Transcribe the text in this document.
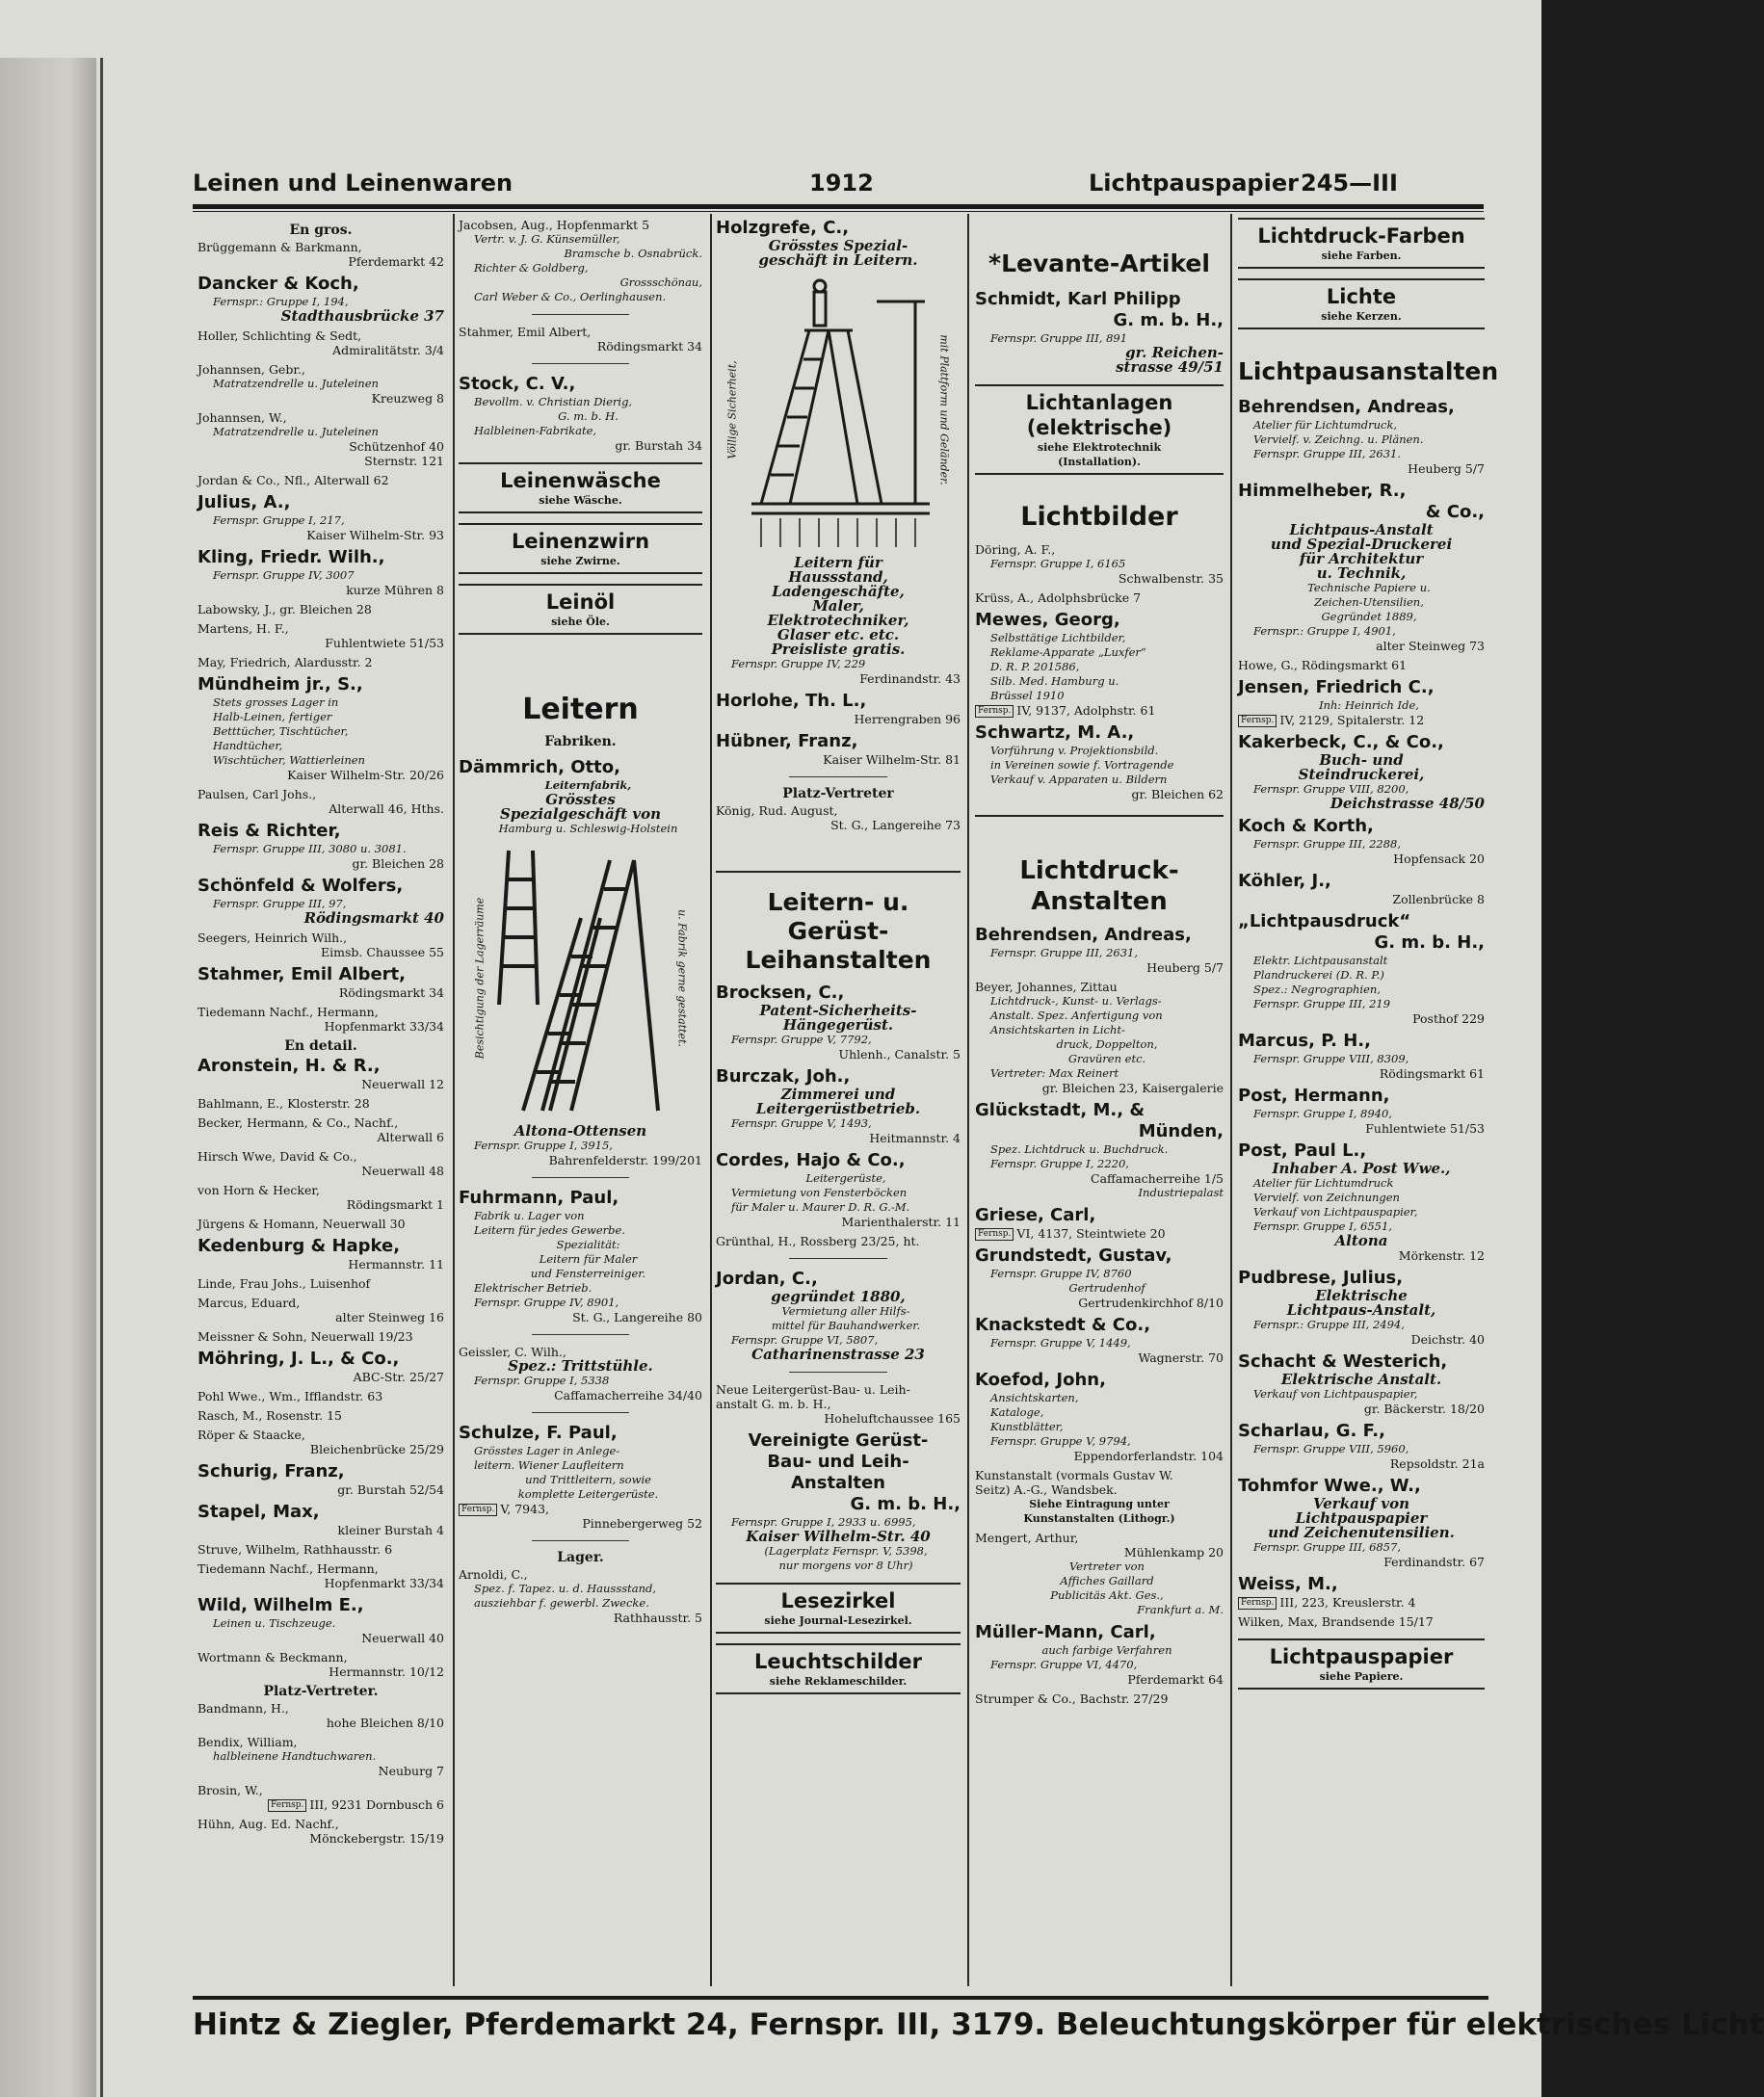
Leinen und Leinenwaren	1912	Lichtpauspapier 245—III
En gros.
Brüggemann & Barkmann,
Pferdemarkt 42
Dancker & Koch,
Fernspr.: Gruppe I, 194,
Stadthausbrücke 37
Holler, Schlichting & Sedt,
Admiralitätstr. 3/4
Johannsen, Gebr.,
Matratzendrelle u. Juteleinen
Kreuzweg 8
Johannsen, W.,
Matratzendrelle u. Juteleinen
Schützenhof 40
Sternstr. 121
Jordan & Co., Nfl., Alterwall 62
Julius, A.,
Fernspr. Gruppe I, 217,
Kaiser Wilhelm-Str. 93
Kling, Friedr. Wilh.,
Fernspr. Gruppe IV, 3007
kurze Mühren 8
Labowsky, J., gr. Bleichen 28
Martens, H. F.,
Fuhlentwiete 51/53
May, Friedrich, Alardusstr. 2
Mündheim jr., S.,
Stets grosses Lager in
Halb-Leinen, fertiger
Betttücher, Tischtücher,
Handtücher,
Wischtücher, Wattierleinen
Kaiser Wilhelm-Str. 20/26
Paulsen, Carl Johs.,
Alterwall 46, Hths.
Reis & Richter,
Fernspr. Gruppe III, 3080 u. 3081.
gr. Bleichen 28
Schönfeld & Wolfers,
Fernspr. Gruppe III, 97,
Rödingsmarkt 40
Seegers, Heinrich Wilh.,
Eimsb. Chaussee 55
Stahmer, Emil Albert,
Rödingsmarkt 34
Tiedemann Nachf., Hermann,
Hopfenmarkt 33/34
En detail.
Aronstein, H. & R.,
Neuerwall 12
Bahlmann, E., Klosterstr. 28
Becker, Hermann, & Co., Nachf.,
Alterwall 6
Hirsch Wwe, David & Co.,
Neuerwall 48
von Horn & Hecker,
Rödingsmarkt 1
Jürgens & Homann, Neuerwall 30
Kedenburg & Hapke,
Hermannstr. 11
Linde, Frau Johs., Luisenhof
Marcus, Eduard,
alter Steinweg 16
Meissner & Sohn, Neuerwall 19/23
Möhring, J. L., & Co.,
ABC-Str. 25/27
Pohl Wwe., Wm., Ifflandstr. 63
Rasch, M., Rosenstr. 15
Röper & Staacke,
Bleichenbrücke 25/29
Schurig, Franz,
gr. Burstah 52/54
Stapel, Max,
kleiner Burstah 4
Struve, Wilhelm, Rathhausstr. 6
Tiedemann Nachf., Hermann,
Hopfenmarkt 33/34
Wild, Wilhelm E.,
Leinen u. Tischzeuge.
Neuerwall 40
Wortmann & Beckmann,
Hermannstr. 10/12
Platz-Vertreter.
Bandmann, H.,
hohe Bleichen 8/10
Bendix, William,
halbleinene Handtuchwaren.
Neuburg 7
Brosin, W.,
Fernsp. III, 9231 Dornbusch 6
Hühn, Aug. Ed. Nachf.,
Mönckebergstr. 15/19
Jacobsen, Aug., Hopfenmarkt 5
Vertr. v. J. G. Künsemüller,
Bramsche b. Osnabrück.
Richter & Goldberg,
Grossschönau,
Carl Weber & Co., Oerlinghausen.
Stahmer, Emil Albert,
Rödingsmarkt 34
Stock, C. V.,
Bevollm. v. Christian Dierig,
G. m. b. H.
Halbleinen-Fabrikate,
gr. Burstah 34
Leinenwäsche
siehe Wäsche.
Leinenzwirn
siehe Zwirne.
Leinöl
siehe Öle.
Leitern
Fabriken.
Dämmrich, Otto,
Leiternfabrik,
Grösstes
Spezialgeschäft von
Hamburg u. Schleswig-Holstein
Besichtigung der Lagerräume	u. Fabrik gerne gestattet.
Altona-Ottensen
Fernspr. Gruppe I, 3915,
Bahrenfelderstr. 199/201
Fuhrmann, Paul,
Fabrik u. Lager von
Leitern für jedes Gewerbe.
Spezialität:
Leitern für Maler
und Fensterreiniger.
Elektrischer Betrieb.
Fernspr. Gruppe IV, 8901,
St. G., Langereihe 80
Geissler, C. Wilh.,
Spez.: Trittstühle.
Fernspr. Gruppe I, 5338
Caffamacherreihe 34/40
Schulze, F. Paul,
Grösstes Lager in Anlege-
leitern. Wiener Laufleitern
und Trittleitern, sowie
komplette Leitergerüste.
Fernsp. V, 7943,
Pinnebergerweg 52
Lager.
Arnoldi, C.,
Spez. f. Tapez. u. d. Haussstand,
ausziehbar f. gewerbl. Zwecke.
Rathhausstr. 5
Holzgrefe, C.,
Grösstes Spezial-
geschäft in Leitern.
Völlige Sicherheit,	mit Plattform und Geländer.
Leitern für
Haussstand,
Ladengeschäfte,
Maler,
Elektrotechniker,
Glaser etc. etc.
Preisliste gratis.
Fernspr. Gruppe IV, 229
Ferdinandstr. 43
Horlohe, Th. L.,
Herrengraben 96
Hübner, Franz,
Kaiser Wilhelm-Str. 81
Platz-Vertreter
König, Rud. August,
St. G., Langereihe 73
Leitern- u. Gerüst-
Leihanstalten
Brocksen, C.,
Patent-Sicherheits-
Hängegerüst.
Fernspr. Gruppe V, 7792,
Uhlenh., Canalstr. 5
Burczak, Joh.,
Zimmerei und
Leitergerüstbetrieb.
Fernspr. Gruppe V, 1493,
Heitmannstr. 4
Cordes, Hajo & Co.,
Leitergerüste,
Vermietung von Fensterböcken
für Maler u. Maurer D. R. G.-M.
Marienthalerstr. 11
Grünthal, H., Rossberg 23/25, ht.
Jordan, C.,
gegründet 1880,
Vermietung aller Hilfs-
mittel für Bauhandwerker.
Fernspr. Gruppe VI, 5807,
Catharinenstrasse 23
Neue Leitergerüst-Bau- u. Leih-
anstalt G. m. b. H.,
Hoheluftchaussee 165
Vereinigte Gerüst-
Bau- und Leih-
Anstalten
G. m. b. H.,
Fernspr. Gruppe I, 2933 u. 6995,
Kaiser Wilhelm-Str. 40
(Lagerplatz Fernspr. V, 5398,
nur morgens vor 8 Uhr)
Lesezirkel
siehe Journal-Lesezirkel.
Leuchtschilder
siehe Reklameschilder.
*Levante-Artikel
Schmidt, Karl Philipp
G. m. b. H.,
Fernspr. Gruppe III, 891
gr. Reichen-
strasse 49/51
Lichtanlagen
(elektrische)
siehe Elektrotechnik
(Installation).
Lichtbilder
Döring, A. F.,
Fernspr. Gruppe I, 6165
Schwalbenstr. 35
Krüss, A., Adolphsbrücke 7
Mewes, Georg,
Selbsttätige Lichtbilder,
Reklame-Apparate „Luxfer“
D. R. P. 201586,
Silb. Med. Hamburg u.
Brüssel 1910
Fernsp. IV, 9137, Adolphstr. 61
Schwartz, M. A.,
Vorführung v. Projektionsbild.
in Vereinen sowie f. Vortragende
Verkauf v. Apparaten u. Bildern
gr. Bleichen 62
Lichtdruck-
Anstalten
Behrendsen, Andreas,
Fernspr. Gruppe III, 2631,
Heuberg 5/7
Beyer, Johannes, Zittau
Lichtdruck-, Kunst- u. Verlags-
Anstalt. Spez. Anfertigung von
Ansichtskarten in Licht-
druck, Doppelton,
Gravüren etc.
Vertreter: Max Reinert
gr. Bleichen 23, Kaisergalerie
Glückstadt, M., &
Münden,
Spez. Lichtdruck u. Buchdruck.
Fernspr. Gruppe I, 2220,
Caffamacherreihe 1/5
Industriepalast
Griese, Carl,
Fernsp. VI, 4137, Steintwiete 20
Grundstedt, Gustav,
Fernspr. Gruppe IV, 8760
Gertrudenhof
Gertrudenkirchhof 8/10
Knackstedt & Co.,
Fernspr. Gruppe V, 1449,
Wagnerstr. 70
Koefod, John,
Ansichtskarten,
Kataloge,
Kunstblätter,
Fernspr. Gruppe V, 9794,
Eppendorferlandstr. 104
Kunstanstalt (vormals Gustav W.
Seitz) A.-G., Wandsbek.
Siehe Eintragung unter
Kunstanstalten (Lithogr.)
Mengert, Arthur,
Mühlenkamp 20
Vertreter von
Affiches Gaillard
Publicitäs Akt. Ges.,
Frankfurt a. M.
Müller-Mann, Carl,
auch farbige Verfahren
Fernspr. Gruppe VI, 4470,
Pferdemarkt 64
Strumper & Co., Bachstr. 27/29
Lichtdruck-Farben
siehe Farben.
Lichte
siehe Kerzen.
Lichtpausanstalten
Behrendsen, Andreas,
Atelier für Lichtumdruck,
Vervielf. v. Zeichng. u. Plänen.
Fernspr. Gruppe III, 2631.
Heuberg 5/7
Himmelheber, R.,
& Co.,
Lichtpaus-Anstalt
und Spezial-Druckerei
für Architektur
u. Technik,
Technische Papiere u.
Zeichen-Utensilien,
Gegründet 1889,
Fernspr.: Gruppe I, 4901,
alter Steinweg 73
Howe, G., Rödingsmarkt 61
Jensen, Friedrich C.,
Inh: Heinrich Ide,
Fernsp. IV, 2129, Spitalerstr. 12
Kakerbeck, C., & Co.,
Buch- und
Steindruckerei,
Fernspr. Gruppe VIII, 8200,
Deichstrasse 48/50
Koch & Korth,
Fernspr. Gruppe III, 2288,
Hopfensack 20
Köhler, J.,
Zollenbrücke 8
„Lichtpausdruck“
G. m. b. H.,
Elektr. Lichtpausanstalt
Plandruckerei (D. R. P.)
Spez.: Negrographien,
Fernspr. Gruppe III, 219
Posthof 229
Marcus, P. H.,
Fernspr. Gruppe VIII, 8309,
Rödingsmarkt 61
Post, Hermann,
Fernspr. Gruppe I, 8940,
Fuhlentwiete 51/53
Post, Paul L.,
Inhaber A. Post Wwe.,
Atelier für Lichtumdruck
Vervielf. von Zeichnungen
Verkauf von Lichtpauspapier,
Fernspr. Gruppe I, 6551,
Altona
Mörkenstr. 12
Pudbrese, Julius,
Elektrische
Lichtpaus-Anstalt,
Fernspr.: Gruppe III, 2494,
Deichstr. 40
Schacht & Westerich,
Elektrische Anstalt.
Verkauf von Lichtpauspapier,
gr. Bäckerstr. 18/20
Scharlau, G. F.,
Fernspr. Gruppe VIII, 5960,
Repsoldstr. 21a
Tohmfor Wwe., W.,
Verkauf von
Lichtpauspapier
und Zeichenutensilien.
Fernspr. Gruppe III, 6857,
Ferdinandstr. 67
Weiss, M.,
Fernsp. III, 223, Kreuslerstr. 4
Wilken, Max, Brandsende 15/17
Lichtpauspapier
siehe Papiere.
Hintz & Ziegler, Pferdemarkt 24, Fernspr. III, 3179. Beleuchtungskörper für elektrisches Licht
